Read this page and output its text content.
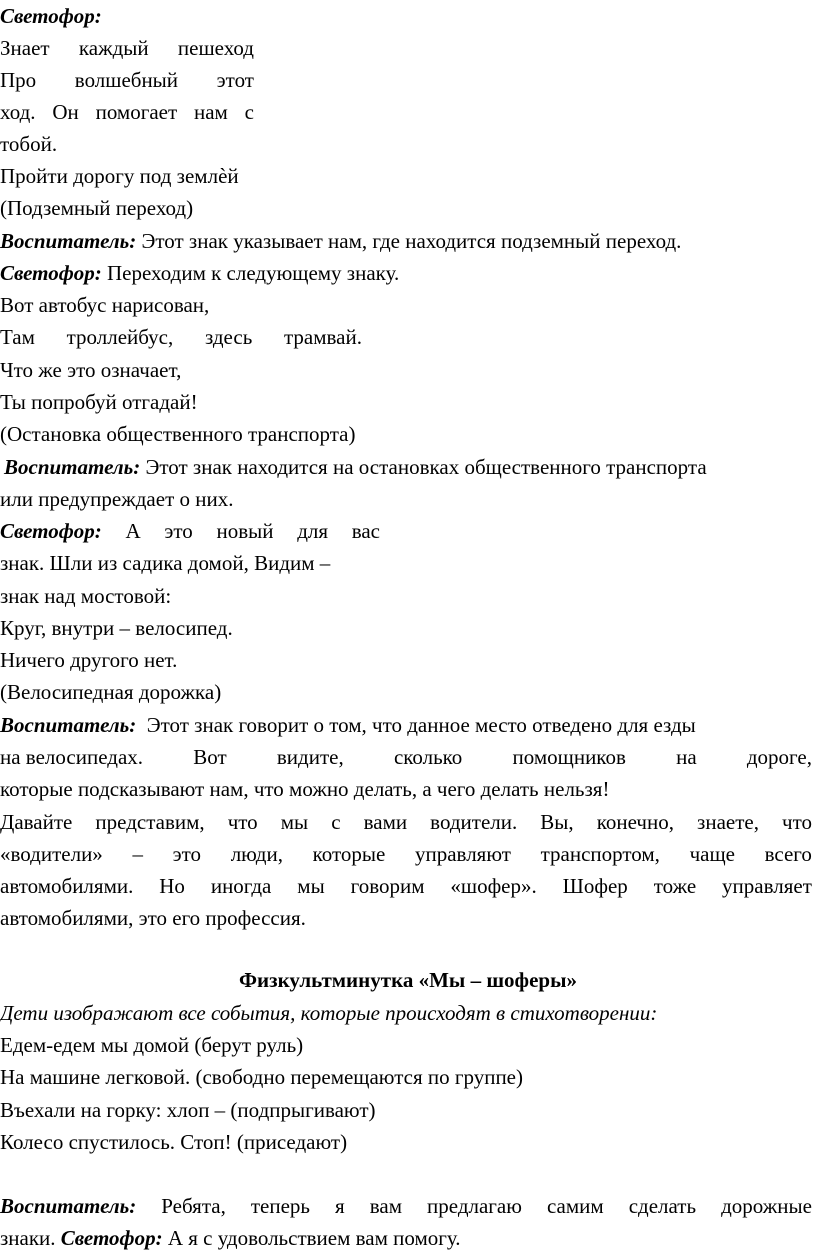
Светофор:
Знает каждый пешеход
Про волшебный этот
ход. Он помогает нам с
тобой.
Пройти дорогу под землѐй
(Подземный переход)
Воспитатель: Этот знак указывает нам, где находится подземный переход.
Светофор: Переходим к следующему знаку.
Вот автобус нарисован,
Там троллейбус, здесь трамвай.
Что же это означает,
Ты попробуй отгадай!
(Остановка общественного транспорта)
Воспитатель: Этот знак находится на остановках общественного транспорта
или предупреждает о них.
Светофор: А это новый для вас
знак. Шли из садика домой, Видим –
знак над мостовой:
Круг, внутри – велосипед.
Ничего другого нет.
(Велосипедная дорожка)
Воспитатель:  Этот знак говорит о том, что данное место отведено для езды
на велосипедах. Вот видите, сколько помощников на дороге,
которые подсказывают нам, что можно делать, а чего делать нельзя!
Давайте представим, что мы с вами водители. Вы, конечно, знаете, что
«водители» – это люди, которые управляют транспортом, чаще всего
автомобилями. Но иногда мы говорим «шофер». Шофер тоже управляет
автомобилями, это его профессия.
Физкультминутка «Мы – шоферы»
Дети изображают все события, которые происходят в стихотворении:
Едем-едем мы домой (берут руль)
На машине легковой. (свободно перемещаются по группе)
Въехали на горку: хлоп – (подпрыгивают)
Колесо спустилось. Стоп! (приседают)
Воспитатель: Ребята, теперь я вам предлагаю самим сделать дорожные
знаки. Светофор: А я с удовольствием вам помогу.
